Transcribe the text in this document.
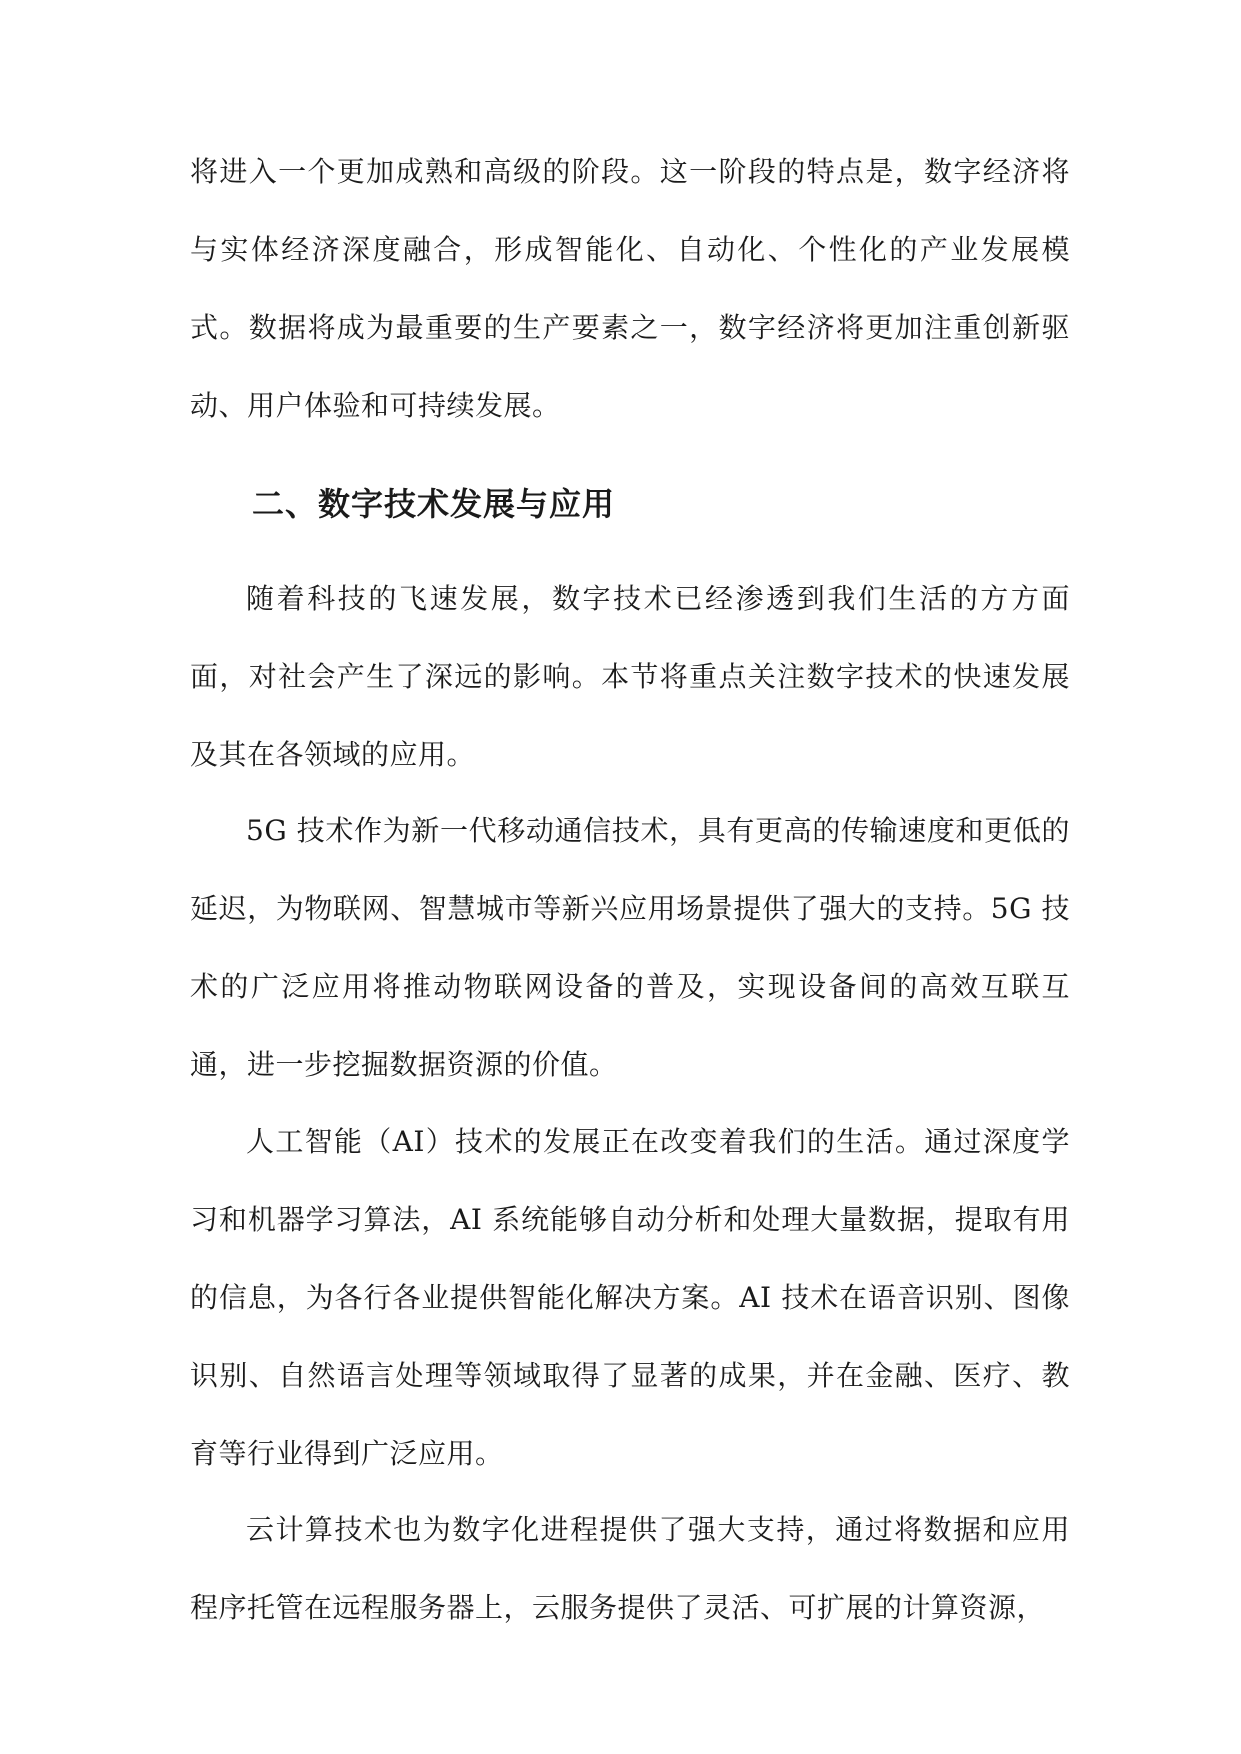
将进入一个更加成熟和高级的阶段。这一阶段的特点是，数字经济将与实体经济深度融合，形成智能化、自动化、个性化的产业发展模式。数据将成为最重要的生产要素之一，数字经济将更加注重创新驱动、用户体验和可持续发展。

二、数字技术发展与应用

随着科技的飞速发展，数字技术已经渗透到我们生活的方方面面，对社会产生了深远的影响。本节将重点关注数字技术的快速发展及其在各领域的应用。

5G 技术作为新一代移动通信技术，具有更高的传输速度和更低的延迟，为物联网、智慧城市等新兴应用场景提供了强大的支持。5G 技术的广泛应用将推动物联网设备的普及，实现设备间的高效互联互通，进一步挖掘数据资源的价值。

人工智能（AI）技术的发展正在改变着我们的生活。通过深度学习和机器学习算法，AI 系统能够自动分析和处理大量数据，提取有用的信息，为各行各业提供智能化解决方案。AI 技术在语音识别、图像识别、自然语言处理等领域取得了显著的成果，并在金融、医疗、教育等行业得到广泛应用。

云计算技术也为数字化进程提供了强大支持，通过将数据和应用程序托管在远程服务器上，云服务提供了灵活、可扩展的计算资源，
